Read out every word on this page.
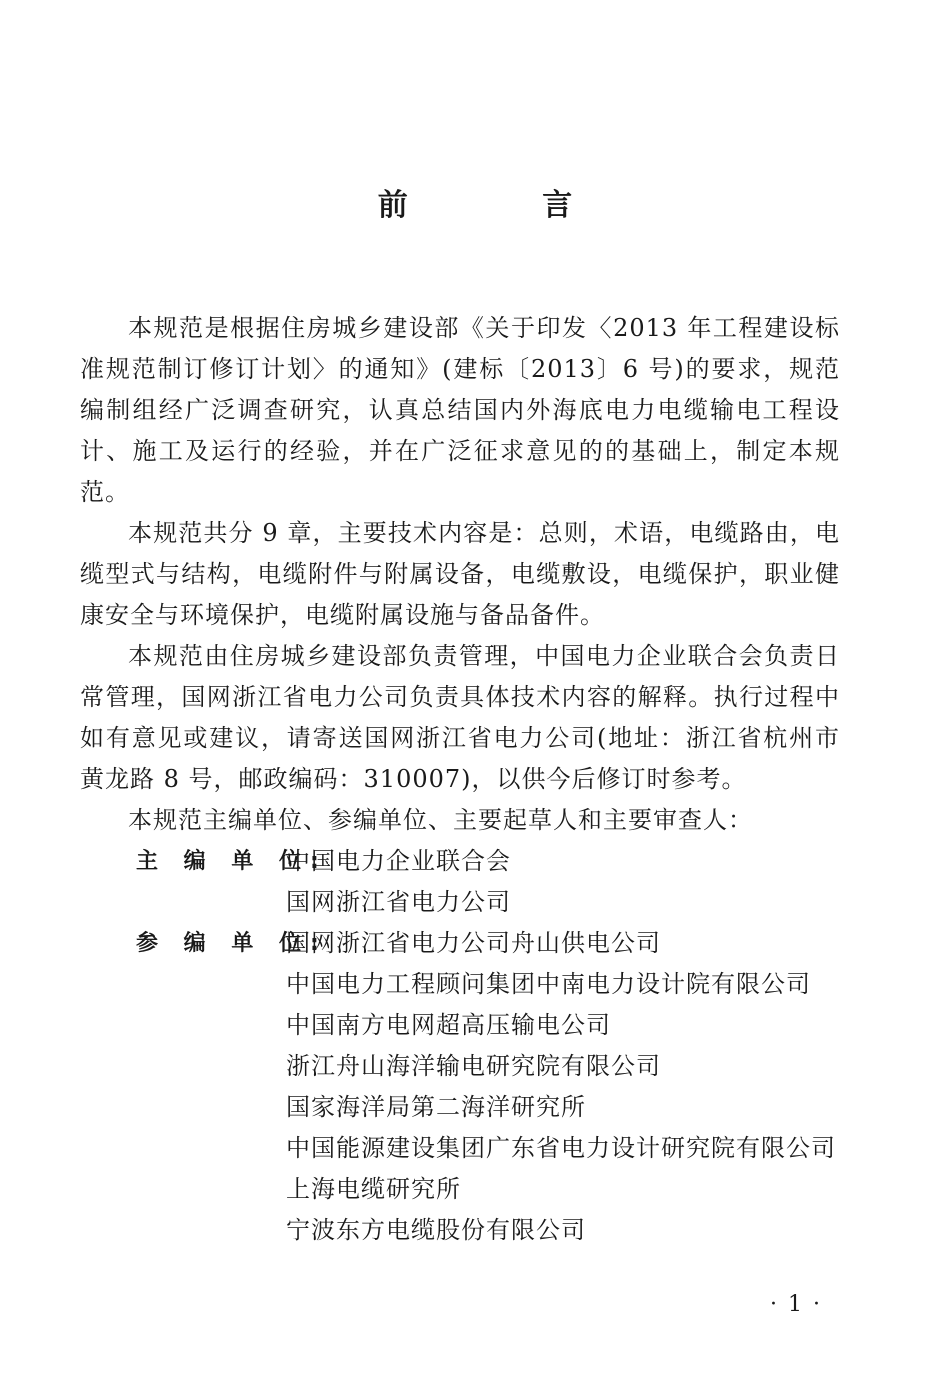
前 言

本规范是根据住房城乡建设部《关于印发〈2013 年工程建设标准规范制订修订计划〉的通知》(建标〔2013〕6 号)的要求，规范编制组经广泛调查研究，认真总结国内外海底电力电缆输电工程设计、施工及运行的经验，并在广泛征求意见的的基础上，制定本规范。

本规范共分 9 章，主要技术内容是：总则，术语，电缆路由，电缆型式与结构，电缆附件与附属设备，电缆敷设，电缆保护，职业健康安全与环境保护，电缆附属设施与备品备件。

本规范由住房城乡建设部负责管理，中国电力企业联合会负责日常管理，国网浙江省电力公司负责具体技术内容的解释。执行过程中如有意见或建议，请寄送国网浙江省电力公司(地址：浙江省杭州市黄龙路 8 号，邮政编码：310007)，以供今后修订时参考。

本规范主编单位、参编单位、主要起草人和主要审查人：

主 编 单 位:
中国电力企业联合会
国网浙江省电力公司
参 编 单 位:
国网浙江省电力公司舟山供电公司
中国电力工程顾问集团中南电力设计院有限公司
中国南方电网超高压输电公司
浙江舟山海洋输电研究院有限公司
国家海洋局第二海洋研究所
中国能源建设集团广东省电力设计研究院有限公司
上海电缆研究所
宁波东方电缆股份有限公司
· 1 ·
